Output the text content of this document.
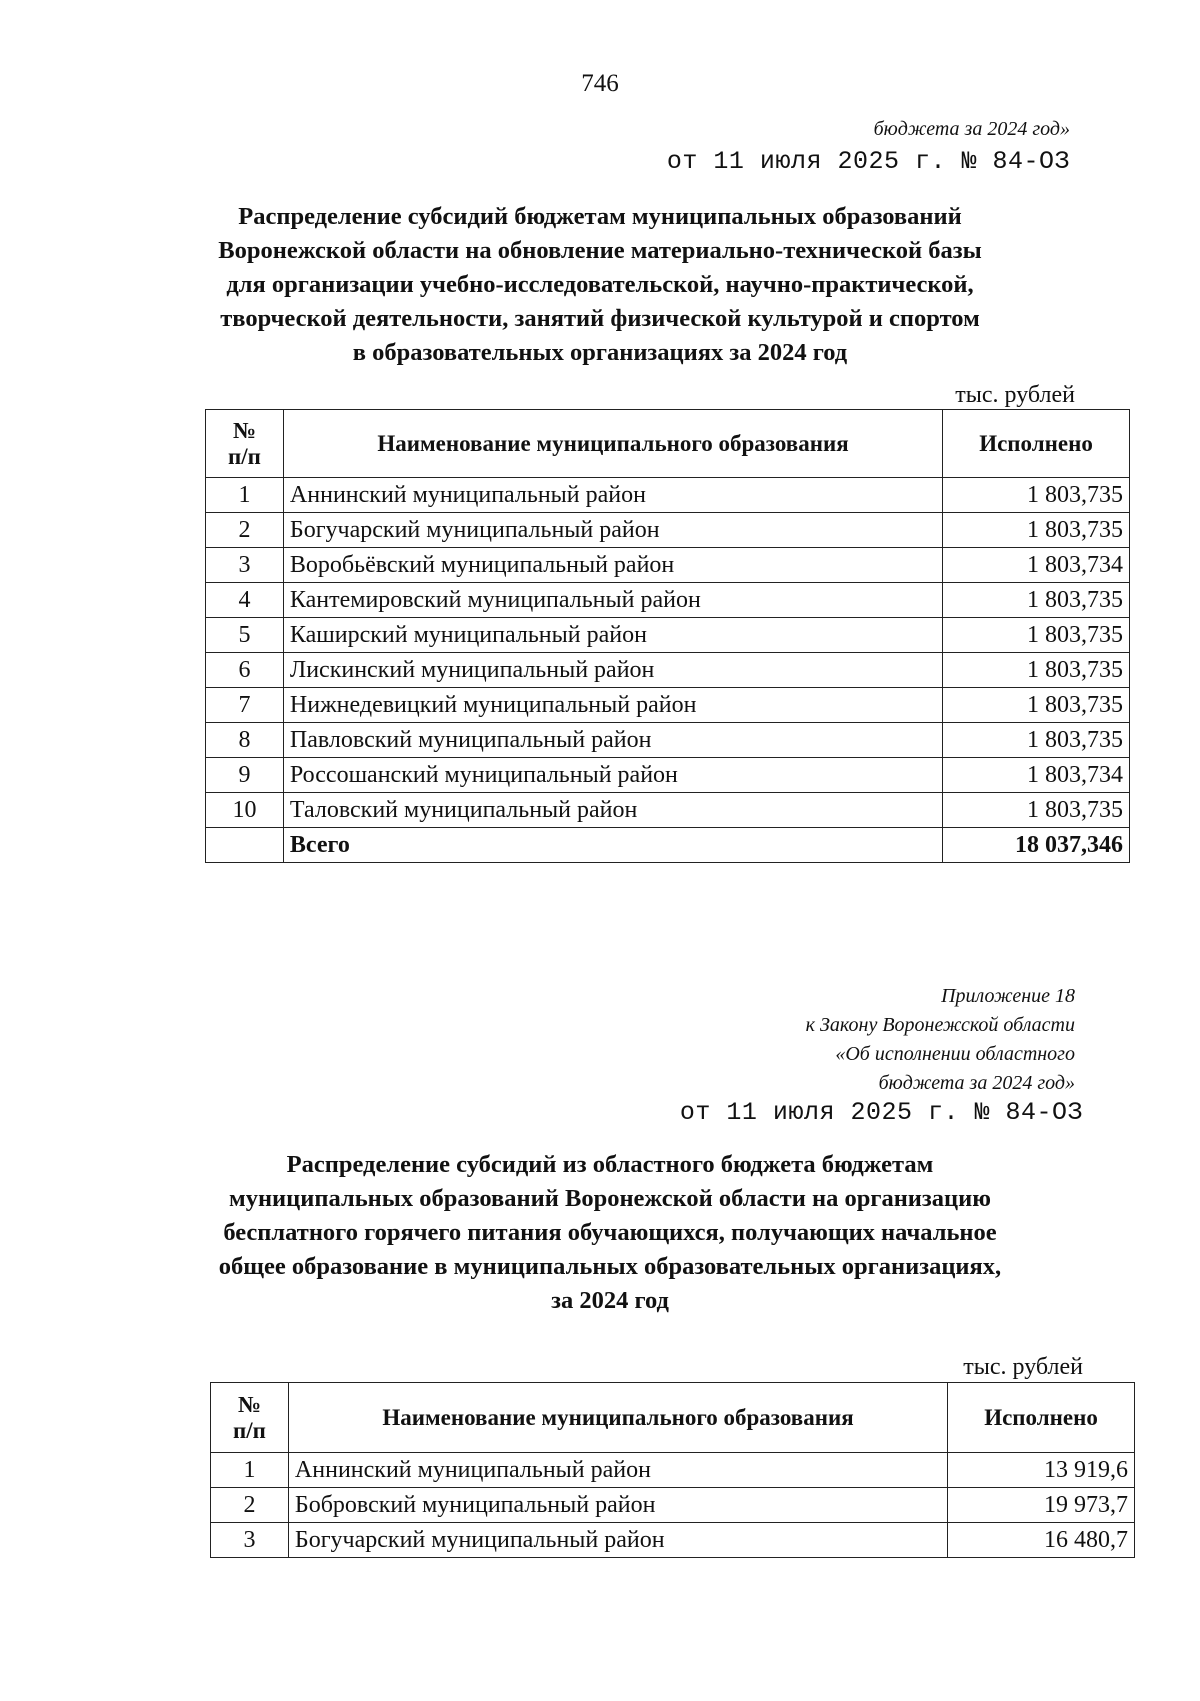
746
бюджета за 2024 год»
от 11 июля 2025 г. № 84-ОЗ
Распределение субсидий бюджетам муниципальных образований
Воронежской области на обновление материально-технической базы
для организации учебно-исследовательской, научно-практической,
творческой деятельности, занятий физической культурой и спортом
в образовательных организациях за 2024 год
тыс. рублей
№
п/п	Наименование муниципального образования	Исполнено
1	Аннинский муниципальный район	1 803,735
2	Богучарский муниципальный район	1 803,735
3	Воробьёвский муниципальный район	1 803,734
4	Кантемировский муниципальный район	1 803,735
5	Каширский муниципальный район	1 803,735
6	Лискинский муниципальный район	1 803,735
7	Нижнедевицкий муниципальный район	1 803,735
8	Павловский муниципальный район	1 803,735
9	Россошанский муниципальный район	1 803,734
10	Таловский муниципальный район	1 803,735
	Всего	18 037,346
Приложение 18
к Закону Воронежской области
«Об исполнении областного
бюджета за 2024 год»
от 11 июля 2025 г. № 84-ОЗ
Распределение субсидий из областного бюджета бюджетам
муниципальных образований Воронежской области на организацию
бесплатного горячего питания обучающихся, получающих начальное
общее образование в муниципальных образовательных организациях,
за 2024 год
тыс. рублей
№
п/п	Наименование муниципального образования	Исполнено
1	Аннинский муниципальный район	13 919,6
2	Бобровский муниципальный район	19 973,7
3	Богучарский муниципальный район	16 480,7
